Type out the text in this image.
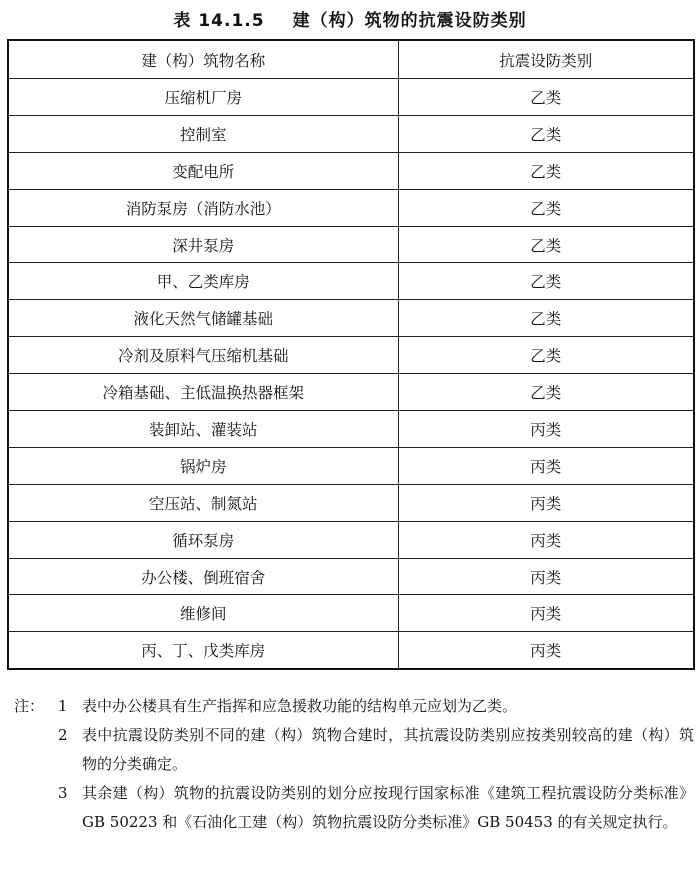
表 14.1.5 建（构）筑物的抗震设防类别
建（构）筑物名称	抗震设防类别
压缩机厂房	乙类
控制室	乙类
变配电所	乙类
消防泵房（消防水池）	乙类
深井泵房	乙类
甲、乙类库房	乙类
液化天然气储罐基础	乙类
冷剂及原料气压缩机基础	乙类
冷箱基础、主低温换热器框架	乙类
装卸站、灌装站	丙类
锅炉房	丙类
空压站、制氮站	丙类
循环泵房	丙类
办公楼、倒班宿舍	丙类
维修间	丙类
丙、丁、戊类库房	丙类
注： 1 表中办公楼具有生产指挥和应急援救功能的结构单元应划为乙类。
2 表中抗震设防类别不同的建（构）筑物合建时，其抗震设防类别应按类别较高的建（构）筑物的分类确定。
3 其余建（构）筑物的抗震设防类别的划分应按现行国家标准《建筑工程抗震设防分类标准》GB 50223 和《石油化工建（构）筑物抗震设防分类标准》GB 50453 的有关规定执行。
